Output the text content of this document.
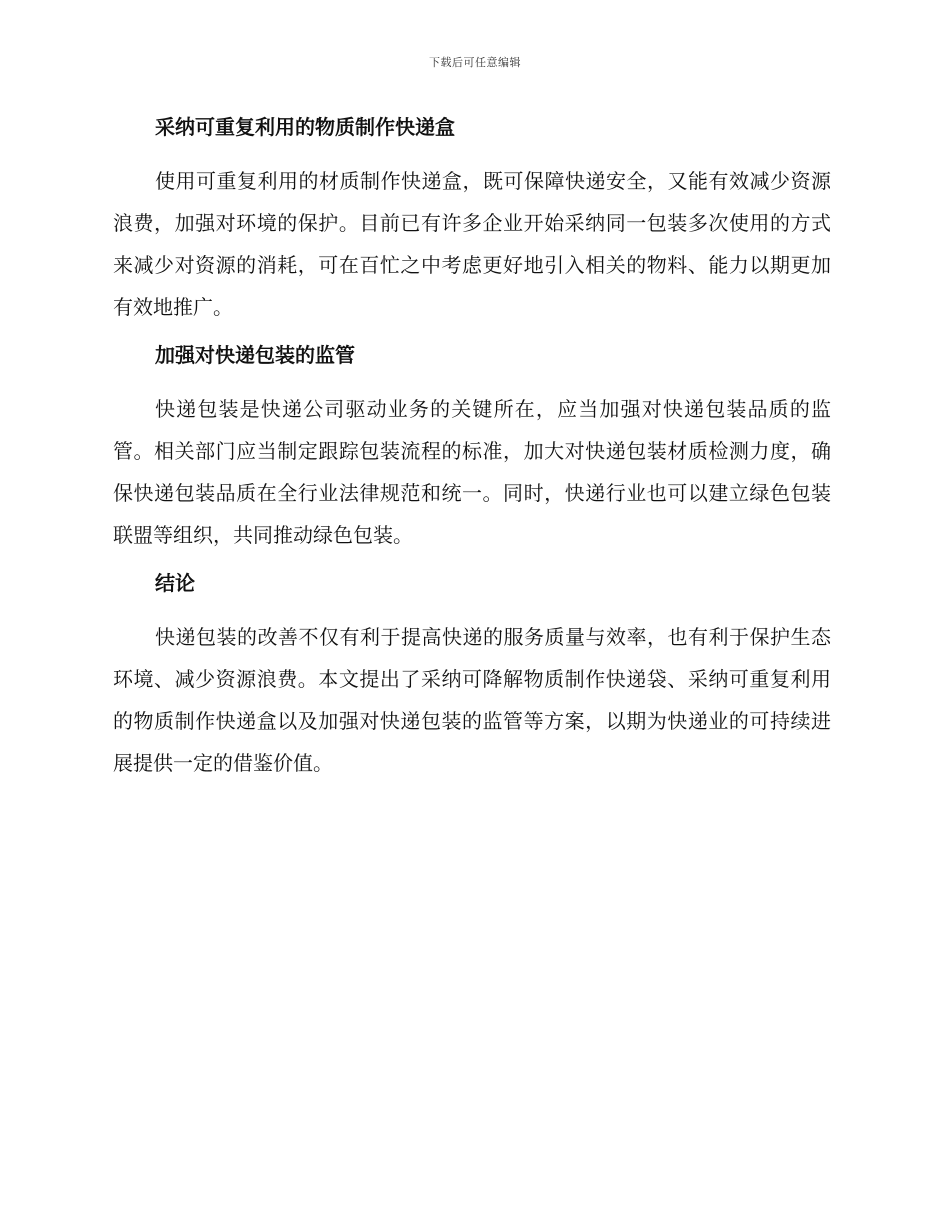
下载后可任意编辑
采纳可重复利用的物质制作快递盒

使用可重复利用的材质制作快递盒，既可保障快递安全，又能有效减少资源浪费，加强对环境的保护。目前已有许多企业开始采纳同一包装多次使用的方式来减少对资源的消耗，可在百忙之中考虑更好地引入相关的物料、能力以期更加有效地推广。

加强对快递包装的监管

快递包装是快递公司驱动业务的关键所在，应当加强对快递包装品质的监管。相关部门应当制定跟踪包装流程的标准，加大对快递包装材质检测力度，确保快递包装品质在全行业法律规范和统一。同时，快递行业也可以建立绿色包装联盟等组织，共同推动绿色包装。

结论

快递包装的改善不仅有利于提高快递的服务质量与效率，也有利于保护生态环境、减少资源浪费。本文提出了采纳可降解物质制作快递袋、采纳可重复利用的物质制作快递盒以及加强对快递包装的监管等方案，以期为快递业的可持续进展提供一定的借鉴价值。
